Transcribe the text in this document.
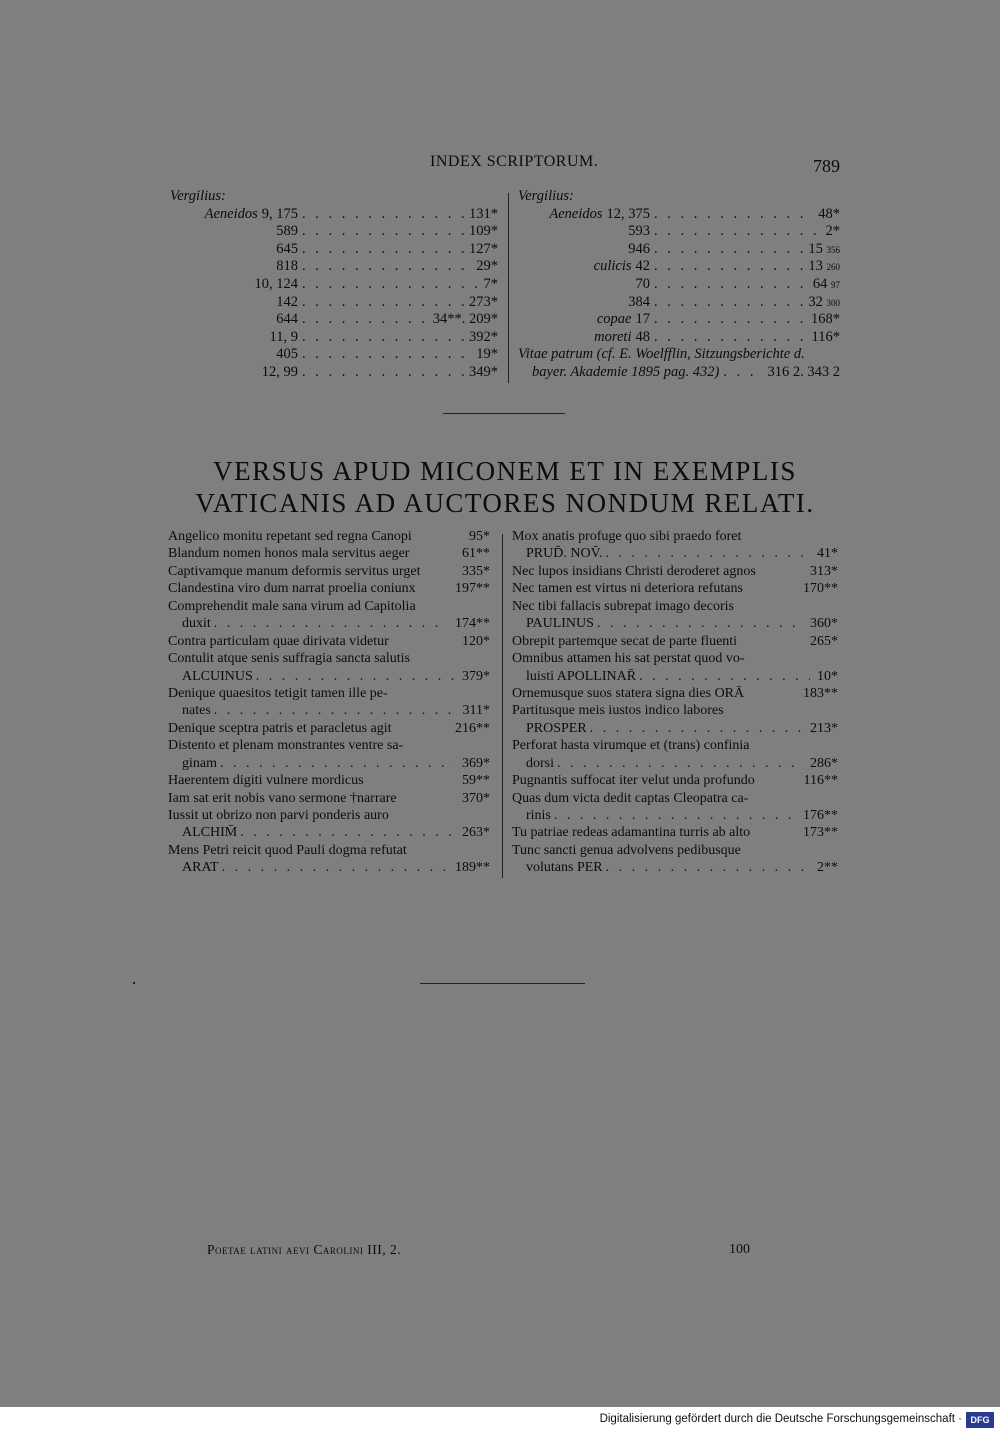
INDEX SCRIPTORUM.	789
Vergilius:
Aeneidos 9, 175 . . .	131*
589 . . .	109*
645 . . .	127*
818 . . .	29*
10, 124 . . .	7*
142 . . .	273*
644 . . .	34**. 209*
11, 9 . . .	392*
405 . . .	19*
12, 99 . . .	349*
Vergilius:
Aeneidos 12, 375 . . .	48*
593 . . .	2*
946 . . .	15 356
culicis 42 . . .	13 260
70 . . .	64 97
384 . . .	32 300
copae 17 . . .	168*
moreti 48 . . .	116*
Vitae patrum (cf. E. Woelfflin, Sitzungsberichte d.
bayer. Akademie 1895 pag. 432) . . .	316 2. 343 2
VERSUS APUD MICONEM ET IN EXEMPLIS
VATICANIS AD AUCTORES NONDUM RELATI.
Angelico monitu repetant sed regna Canopi	95*
Blandum nomen honos mala servitus aeger	61**
Captivamque manum deformis servitus urget	335*
Clandestina viro dum narrat proelia coniunx	197**
Comprehendit male sana virum ad Capitolia
duxit . . .	174**
Contra particulam quae dirivata videtur	120*
Contulit atque senis suffragia sancta salutis
ALCUINUS . . .	379*
Denique quaesitos tetigit tamen ille pe-
nates . . .	311*
Denique sceptra patris et paracletus agit	216**
Distento et plenam monstrantes ventre sa-
ginam . . .	369*
Haerentem digiti vulnere mordicus	59**
Iam sat erit nobis vano sermone †narrare	370*
Iussit ut obrizo non parvi ponderis auro
ALCHIM̄ . . .	263*
Mens Petri reicit quod Pauli dogma refutat
ARAT . . .	189**
Mox anatis profuge quo sibi praedo foret
PRUD̄. NOV̄. . . .	41*
Nec lupos insidians Christi deroderet agnos	313*
Nec tamen est virtus ni deteriora refutans	170**
Nec tibi fallacis subrepat imago decoris
PAULINUS . . .	360*
Obrepit partemque secat de parte fluenti	265*
Omnibus attamen his sat perstat quod vo-
luisti APOLLINAR̄ . . .	10*
Ornemusque suos statera signa dies ORĀ	183**
Partitusque meis iustos indico labores
PROSPER . . .	213*
Perforat hasta virumque et (trans) confinia
dorsi . . .	286*
Pugnantis suffocat iter velut unda profundo	116**
Quas dum victa dedit captas Cleopatra ca-
rinis . . .	176**
Tu patriae redeas adamantina turris ab alto	173**
Tunc sancti genua advolvens pedibusque
volutans PER . . .	2**
Poetae latini aevi Carolini III, 2.	100
Digitalisierung gefördert durch die Deutsche Forschungsgemeinschaft · DFG
